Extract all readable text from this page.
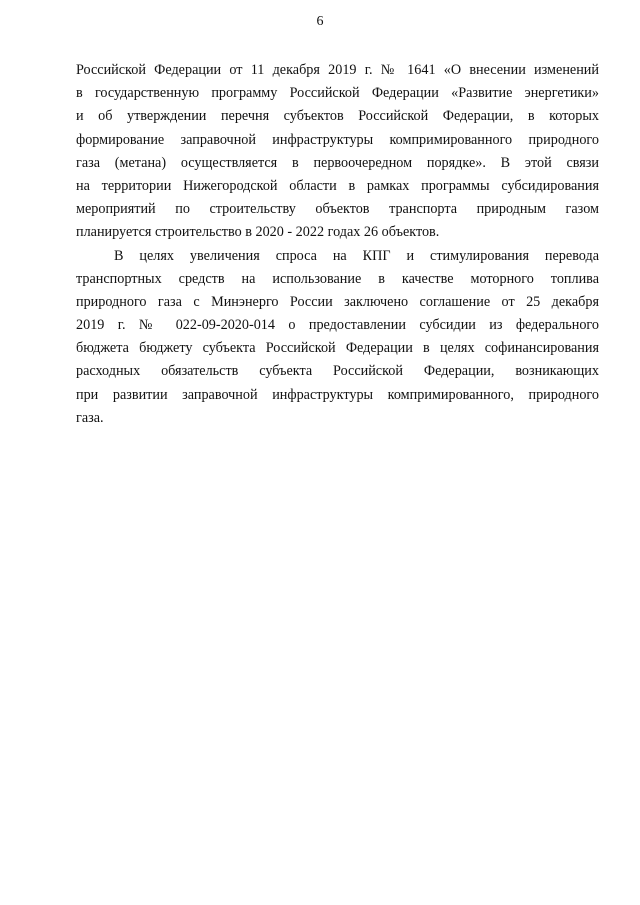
6
Российской Федерации от 11 декабря 2019 г. № 1641 «О внесении изменений
в государственную программу Российской Федерации «Развитие энергетики»
и об утверждении перечня субъектов Российской Федерации, в которых
формирование заправочной инфраструктуры компримированного природного
газа (метана) осуществляется в первоочередном порядке». В этой связи
на территории Нижегородской области в рамках программы субсидирования
мероприятий по строительству объектов транспорта природным газом
планируется строительство в 2020 - 2022 годах 26 объектов.
В целях увеличения спроса на КПГ и стимулирования перевода
транспортных средств на использование в качестве моторного топлива
природного газа с Минэнерго России заключено соглашение от 25 декабря
2019 г. № 022-09-2020-014 о предоставлении субсидии из федерального
бюджета бюджету субъекта Российской Федерации в целях софинансирования
расходных обязательств субъекта Российской Федерации, возникающих
при развитии заправочной инфраструктуры компримированного, природного
газа.
